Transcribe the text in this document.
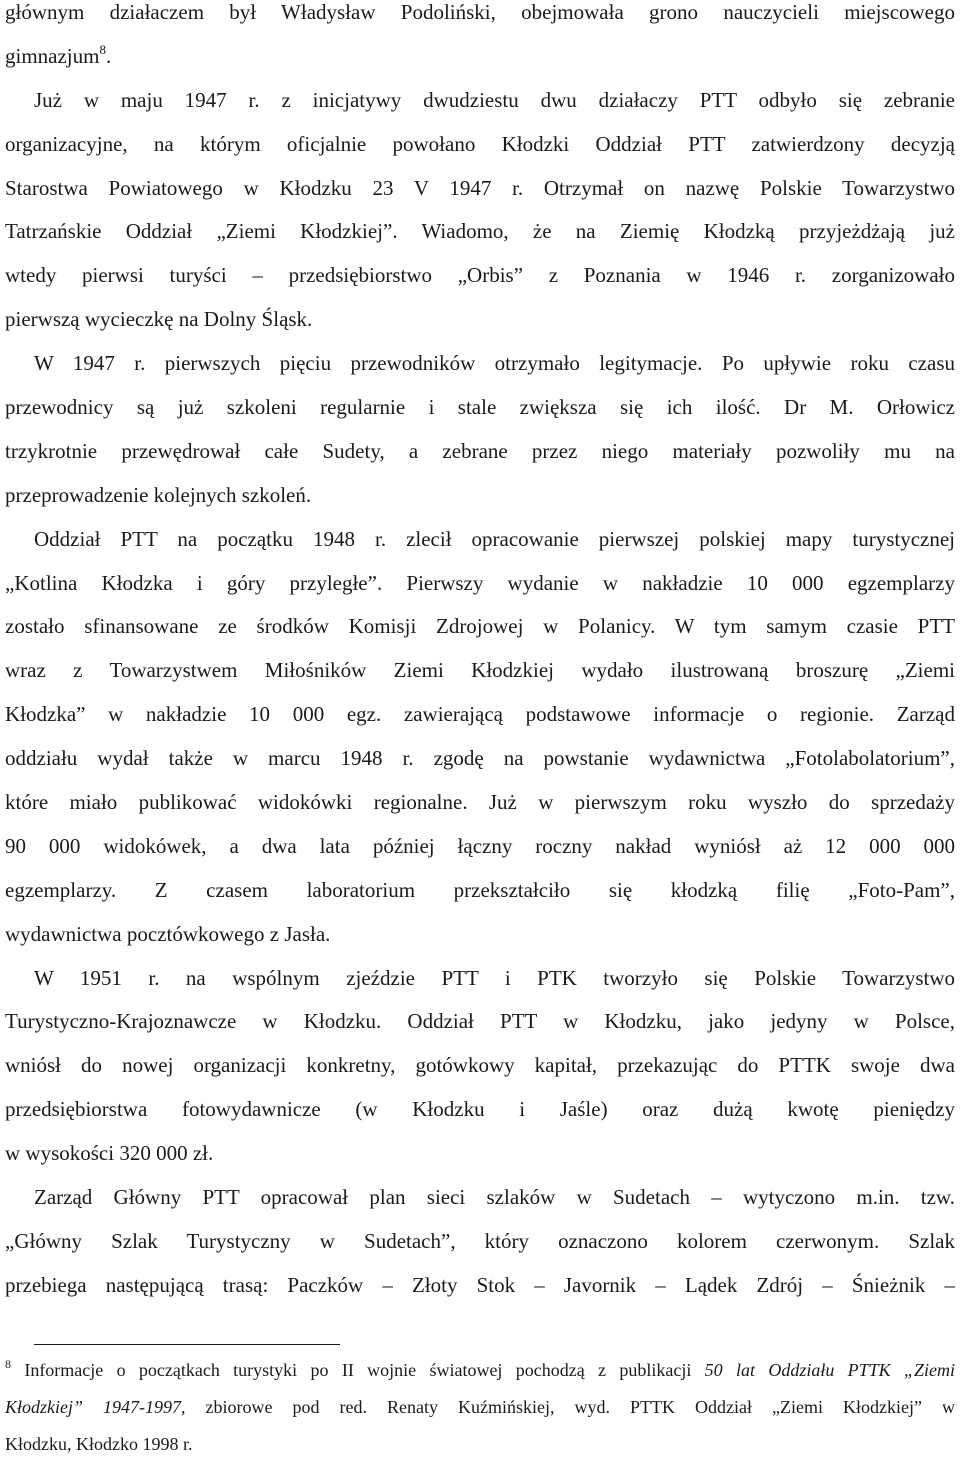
głównym działaczem był Władysław Podoliński, obejmowała grono nauczycieli miejscowego
gimnazjum$^8$.
Już w maju 1947 r. z inicjatywy dwudziestu dwu działaczy PTT odbyło się zebranie
organizacyjne, na którym oficjalnie powołano Kłodzki Oddział PTT zatwierdzony decyzją
Starostwa Powiatowego w Kłodzku 23 V 1947 r. Otrzymał on nazwę Polskie Towarzystwo
Tatrzańskie Oddział „Ziemi Kłodzkiej”. Wiadomo, że na Ziemię Kłodzką przyjeżdżają już
wtedy pierwsi turyści – przedsiębiorstwo „Orbis” z Poznania w 1946 r. zorganizowało
pierwszą wycieczkę na Dolny Śląsk.
W 1947 r. pierwszych pięciu przewodników otrzymało legitymacje. Po upływie roku czasu
przewodnicy są już szkoleni regularnie i stale zwiększa się ich ilość. Dr M. Orłowicz
trzykrotnie przewędrował całe Sudety, a zebrane przez niego materiały pozwoliły mu na
przeprowadzenie kolejnych szkoleń.
Oddział PTT na początku 1948 r. zlecił opracowanie pierwszej polskiej mapy turystycznej
„Kotlina Kłodzka i góry przyległe”. Pierwszy wydanie w nakładzie 10 000 egzemplarzy
zostało sfinansowane ze środków Komisji Zdrojowej w Polanicy. W tym samym czasie PTT
wraz z Towarzystwem Miłośników Ziemi Kłodzkiej wydało ilustrowaną broszurę „Ziemi
Kłodzka” w nakładzie 10 000 egz. zawierającą podstawowe informacje o regionie. Zarząd
oddziału wydał także w marcu 1948 r. zgodę na powstanie wydawnictwa „Fotolabolatorium”,
które miało publikować widokówki regionalne. Już w pierwszym roku wyszło do sprzedaży
90 000 widokówek, a dwa lata później łączny roczny nakład wyniósł aż 12 000 000
egzemplarzy. Z czasem laboratorium przekształciło się kłodzką filię „Foto-Pam”,
wydawnictwa pocztówkowego z Jasła.
W 1951 r. na wspólnym zjeździe PTT i PTK tworzyło się Polskie Towarzystwo
Turystyczno-Krajoznawcze w Kłodzku. Oddział PTT w Kłodzku, jako jedyny w Polsce,
wniósł do nowej organizacji konkretny, gotówkowy kapitał, przekazując do PTTK swoje dwa
przedsiębiorstwa fotowydawnicze (w Kłodzku i Jaśle) oraz dużą kwotę pieniędzy
w wysokości 320 000 zł.
Zarząd Główny PTT opracował plan sieci szlaków w Sudetach – wytyczono m.in. tzw.
„Główny Szlak Turystyczny w Sudetach”, który oznaczono kolorem czerwonym. Szlak
przebiega następującą trasą: Paczków – Złoty Stok – Javornik – Lądek Zdrój – Śnieżnik –
$^8$ Informacje o początkach turystyki po II wojnie światowej pochodzą z publikacji 50 lat Oddziału PTTK „Ziemi
Kłodzkiej” 1947-1997, zbiorowe pod red. Renaty Kuźmińskiej, wyd. PTTK Oddział „Ziemi Kłodzkiej” w
Kłodzku, Kłodzko 1998 r.
